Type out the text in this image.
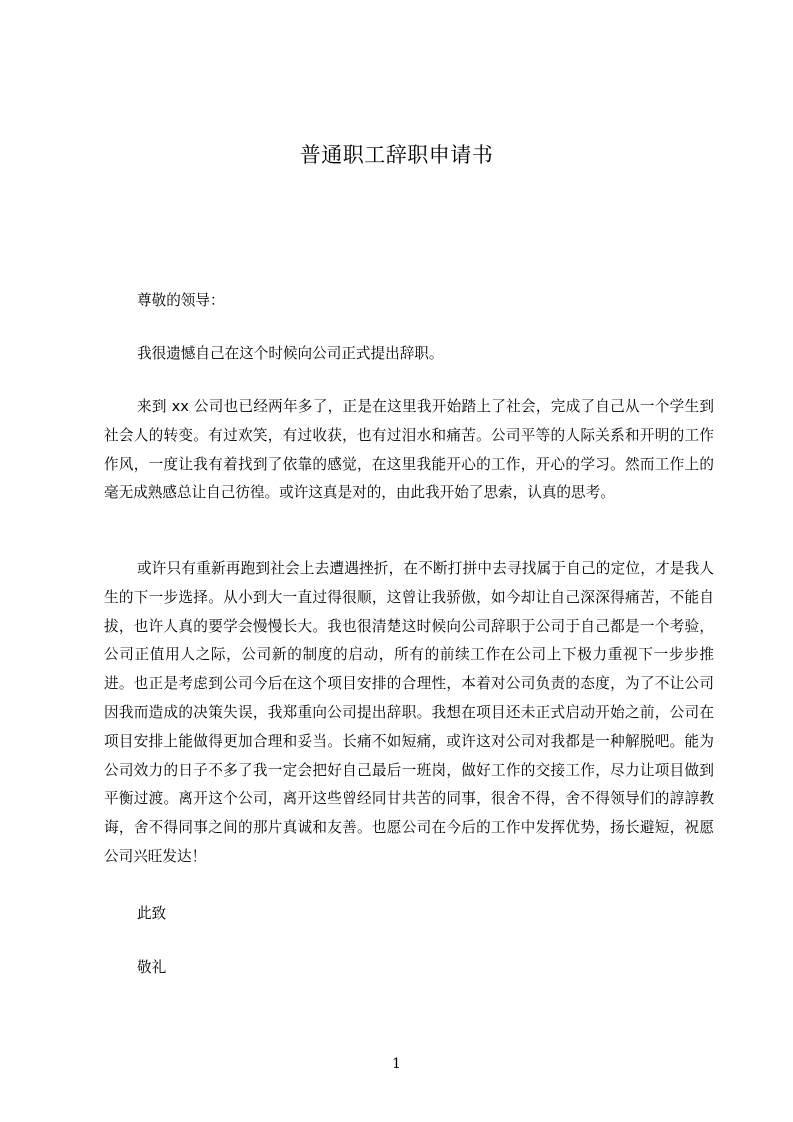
普通职工辞职申请书
尊敬的领导：
我很遗憾自己在这个时候向公司正式提出辞职。
来到 xx 公司也已经两年多了，正是在这里我开始踏上了社会，完成了自己从一个学生到社会人的转变。有过欢笑，有过收获，也有过泪水和痛苦。公司平等的人际关系和开明的工作作风，一度让我有着找到了依靠的感觉，在这里我能开心的工作，开心的学习。然而工作上的毫无成熟感总让自己彷徨。或许这真是对的，由此我开始了思索，认真的思考。
或许只有重新再跑到社会上去遭遇挫折，在不断打拼中去寻找属于自己的定位，才是我人生的下一步选择。从小到大一直过得很顺，这曾让我骄傲，如今却让自己深深得痛苦，不能自拔，也许人真的要学会慢慢长大。我也很清楚这时候向公司辞职于公司于自己都是一个考验，公司正值用人之际，公司新的制度的启动，所有的前续工作在公司上下极力重视下一步步推进。也正是考虑到公司今后在这个项目安排的合理性，本着对公司负责的态度，为了不让公司因我而造成的决策失误，我郑重向公司提出辞职。我想在项目还未正式启动开始之前，公司在项目安排上能做得更加合理和妥当。长痛不如短痛，或许这对公司对我都是一种解脱吧。能为公司效力的日子不多了我一定会把好自己最后一班岗，做好工作的交接工作，尽力让项目做到平衡过渡。离开这个公司，离开这些曾经同甘共苦的同事，很舍不得，舍不得领导们的諄諄教诲，舍不得同事之间的那片真诚和友善。也愿公司在今后的工作中发挥优势，扬长避短，祝愿公司兴旺发达！
此致
敬礼
1
